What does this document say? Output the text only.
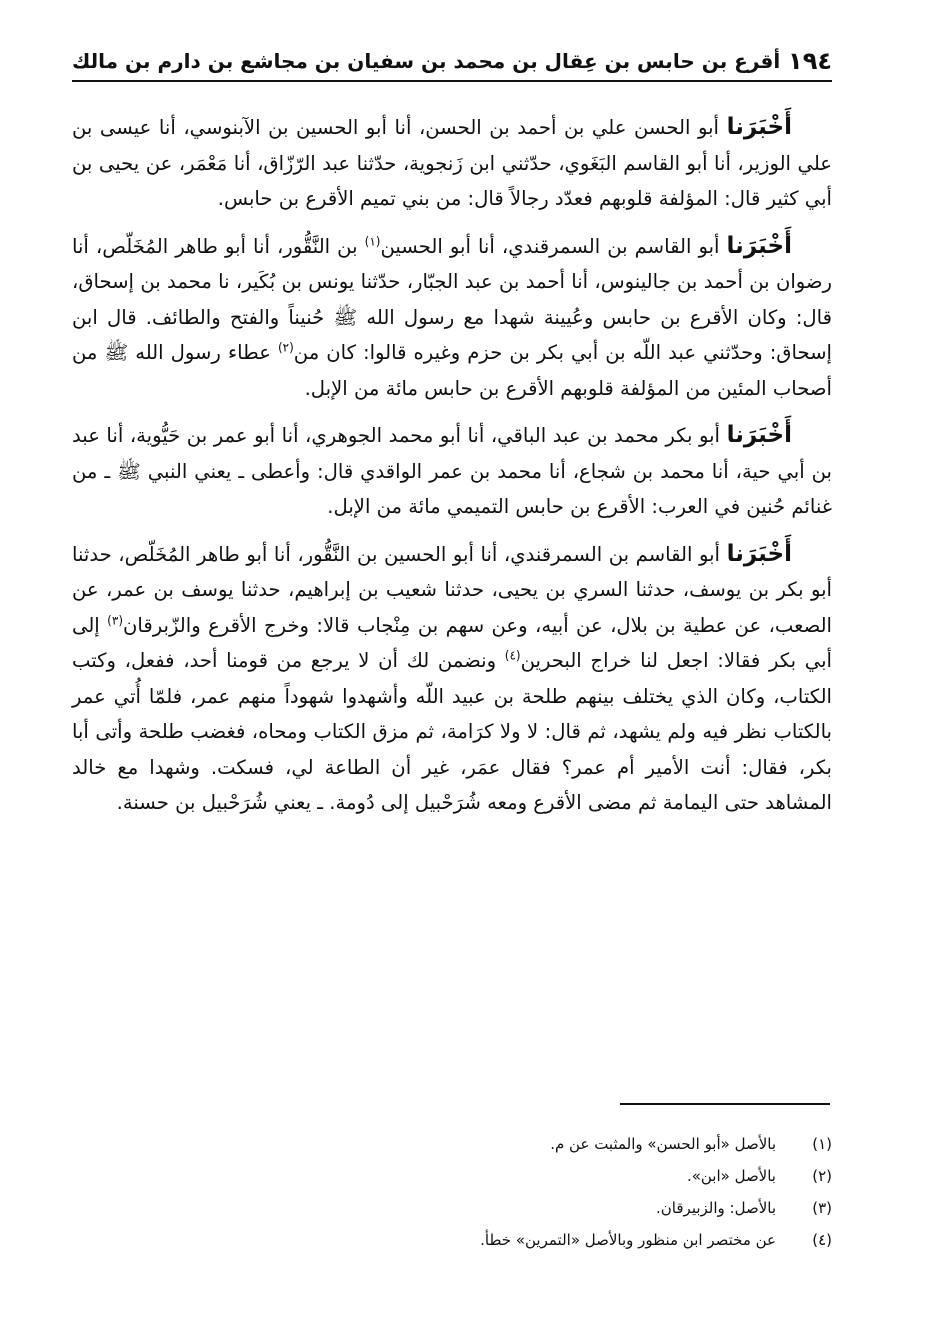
١٩٤
أقرع بن حابس بن عِقال بن محمد بن سفيان بن مجاشع بن دارم بن مالك

أَخْبَرَنا أبو الحسن علي بن أحمد بن الحسن، أنا أبو الحسين بن الآبنوسي، أنا عيسى بن علي الوزير، أنا أبو القاسم البَغَوي، حدّثني ابن زَنجوية، حدّثنا عبد الرّزّاق، أنا مَعْمَر، عن يحيى بن أبي كثير قال: المؤلفة قلوبهم فعدّد رجالاً قال: من بني تميم الأقرع بن حابس.

أَخْبَرَنا أبو القاسم بن السمرقندي، أنا أبو الحسين$^{(١)}$ بن النَّقُّور، أنا أبو طاهر المُخَلّص، أنا رضوان بن أحمد بن جالينوس، أنا أحمد بن عبد الجبّار، حدّثنا يونس بن بُكَير، نا محمد بن إسحاق، قال: وكان الأقرع بن حابس وعُيينة شهدا مع رسول الله ﷺ حُنيناً والفتح والطائف. قال ابن إسحاق: وحدّثني عبد اللّه بن أبي بكر بن حزم وغيره قالوا: كان من$^{(٢)}$ عطاء رسول الله ﷺ من أصحاب المئين من المؤلفة قلوبهم الأقرع بن حابس مائة من الإبل.

أَخْبَرَنا أبو بكر محمد بن عبد الباقي، أنا أبو محمد الجوهري، أنا أبو عمر بن حَيُّوية، أنا عبد بن أبي حية، أنا محمد بن شجاع، أنا محمد بن عمر الواقدي قال: وأعطى ـ يعني النبي ﷺ ـ من غنائم حُنين في العرب: الأقرع بن حابس التميمي مائة من الإبل.

أَخْبَرَنا أبو القاسم بن السمرقندي، أنا أبو الحسين بن النَّقُّور، أنا أبو طاهر المُخَلّص، حدثنا أبو بكر بن يوسف، حدثنا السري بن يحيى، حدثنا شعيب بن إبراهيم، حدثنا يوسف بن عمر، عن الصعب، عن عطية بن بلال، عن أبيه، وعن سهم بن مِنْجاب قالا: وخرج الأقرع والزّبرقان$^{(٣)}$ إلى أبي بكر فقالا: اجعل لنا خراج البحرين$^{(٤)}$ ونضمن لك أن لا يرجع من قومنا أحد، ففعل، وكتب الكتاب، وكان الذي يختلف بينهم طلحة بن عبيد اللّه وأشهدوا شهوداً منهم عمر، فلمّا أُتي عمر بالكتاب نظر فيه ولم يشهد، ثم قال: لا ولا كرَامة، ثم مزق الكتاب ومحاه، فغضب طلحة وأتى أبا بكر، فقال: أنت الأمير أم عمر؟ فقال عمَر، غير أن الطاعة لي، فسكت. وشهدا مع خالد المشاهد حتى اليمامة ثم مضى الأقرع ومعه شُرَحْبيل إلى دُومة. ـ يعني شُرَحْبيل بن حسنة.

(١)
بالأصل «أبو الحسن» والمثبت عن م.
(٢)
بالأصل «ابن».
(٣)
بالأصل: والزبيرقان.
(٤)
عن مختصر ابن منظور وبالأصل «التمرين» خطأ.
